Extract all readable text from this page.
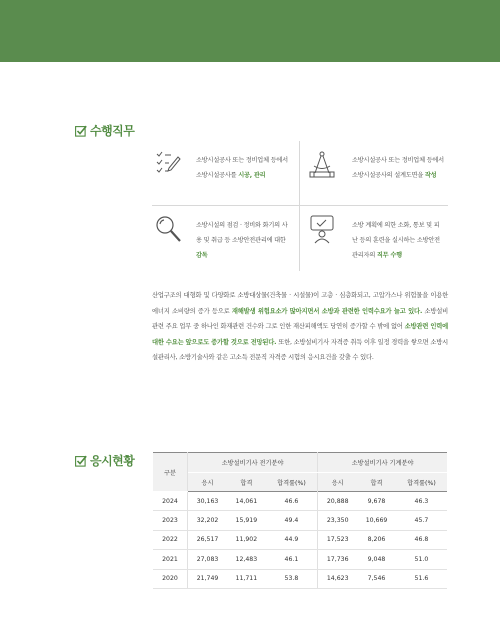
수행직무
소방시설공사 또는 정비업체 등에서 소방시설공사를 시공, 관리
소방시설공사 또는 정비업체 등에서 소방시설공사의 설계도면을 작성
소방시설의 점검 · 정비와 화기의 사용 및 취급 등 소방안전관리에 대한 감독
소방 계획에 의한 소화, 통보 및 피난 등의 훈련을 실시하는 소방안전관리자의 직무 수행
산업구조의 대형화 및 다양화로 소방대상물(건축물 · 시설물)이 고층 · 심층화되고, 고압가스나 위험물을 이용한 에너지 소비량의 증가 등으로 재해발생 위험요소가 많아지면서 소방과 관련한 인력수요가 늘고 있다. 소방설비 관련 주요 업무 중 하나인 화재관련 건수와 그로 인한 재산피해액도 당연히 증가할 수 밖에 없어 소방관련 인력에 대한 수요는 앞으로도 증가할 것으로 전망된다. 또한, 소방설비기사 자격증 취득 이후 일정 경력을 쌓으면 소방시설관리사, 소방기술사와 같은 고소득 전문직 자격증 시험의 응시요건을 갖출 수 있다.
응시현황
구분	소방설비기사 전기분야			소방설비기사 기계분야		
	응시	합격	합격률(%)	응시	합격	합격률(%)
2024	30,163	14,061	46.6	20,888	9,678	46.3
2023	32,202	15,919	49.4	23,350	10,669	45.7
2022	26,517	11,902	44.9	17,523	8,206	46.8
2021	27,083	12,483	46.1	17,736	9,048	51.0
2020	21,749	11,711	53.8	14,623	7,546	51.6
